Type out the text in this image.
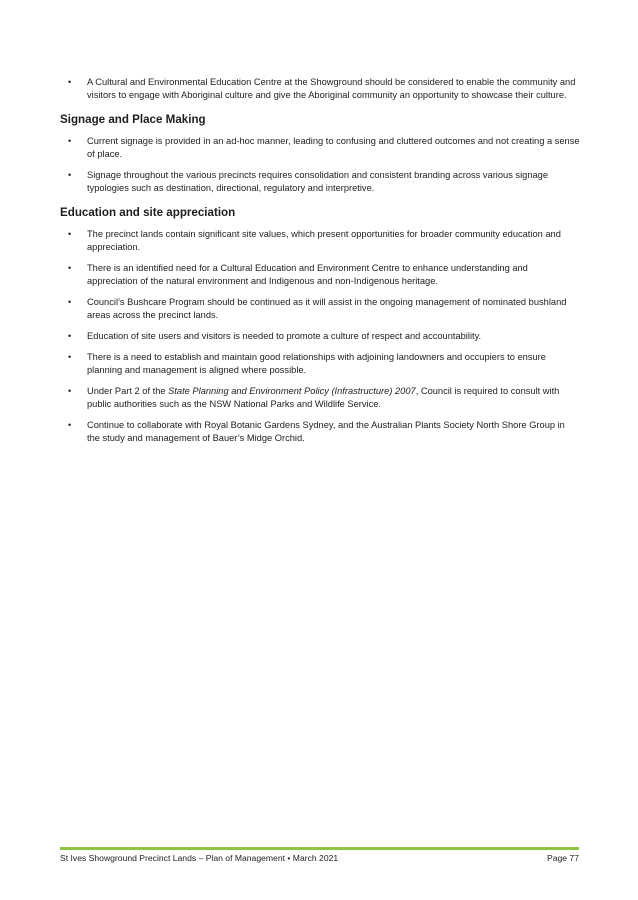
• A Cultural and Environmental Education Centre at the Showground should be considered to enable the community and visitors to engage with Aboriginal culture and give the Aboriginal community an opportunity to showcase their culture.
Signage and Place Making
• Current signage is provided in an ad-hoc manner, leading to confusing and cluttered outcomes and not creating a sense of place.
• Signage throughout the various precincts requires consolidation and consistent branding across various signage typologies such as destination, directional, regulatory and interpretive.
Education and site appreciation
• The precinct lands contain significant site values, which present opportunities for broader community education and appreciation.
• There is an identified need for a Cultural Education and Environment Centre to enhance understanding and appreciation of the natural environment and Indigenous and non-Indigenous heritage.
• Council’s Bushcare Program should be continued as it will assist in the ongoing management of nominated bushland areas across the precinct lands.
• Education of site users and visitors is needed to promote a culture of respect and accountability.
• There is a need to establish and maintain good relationships with adjoining landowners and occupiers to ensure planning and management is aligned where possible.
• Under Part 2 of the State Planning and Environment Policy (Infrastructure) 2007, Council is required to consult with public authorities such as the NSW National Parks and Wildlife Service.
• Continue to collaborate with Royal Botanic Gardens Sydney, and the Australian Plants Society North Shore Group in the study and management of Bauer’s Midge Orchid.
St Ives Showground Precinct Lands – Plan of Management • March 2021	Page 77
